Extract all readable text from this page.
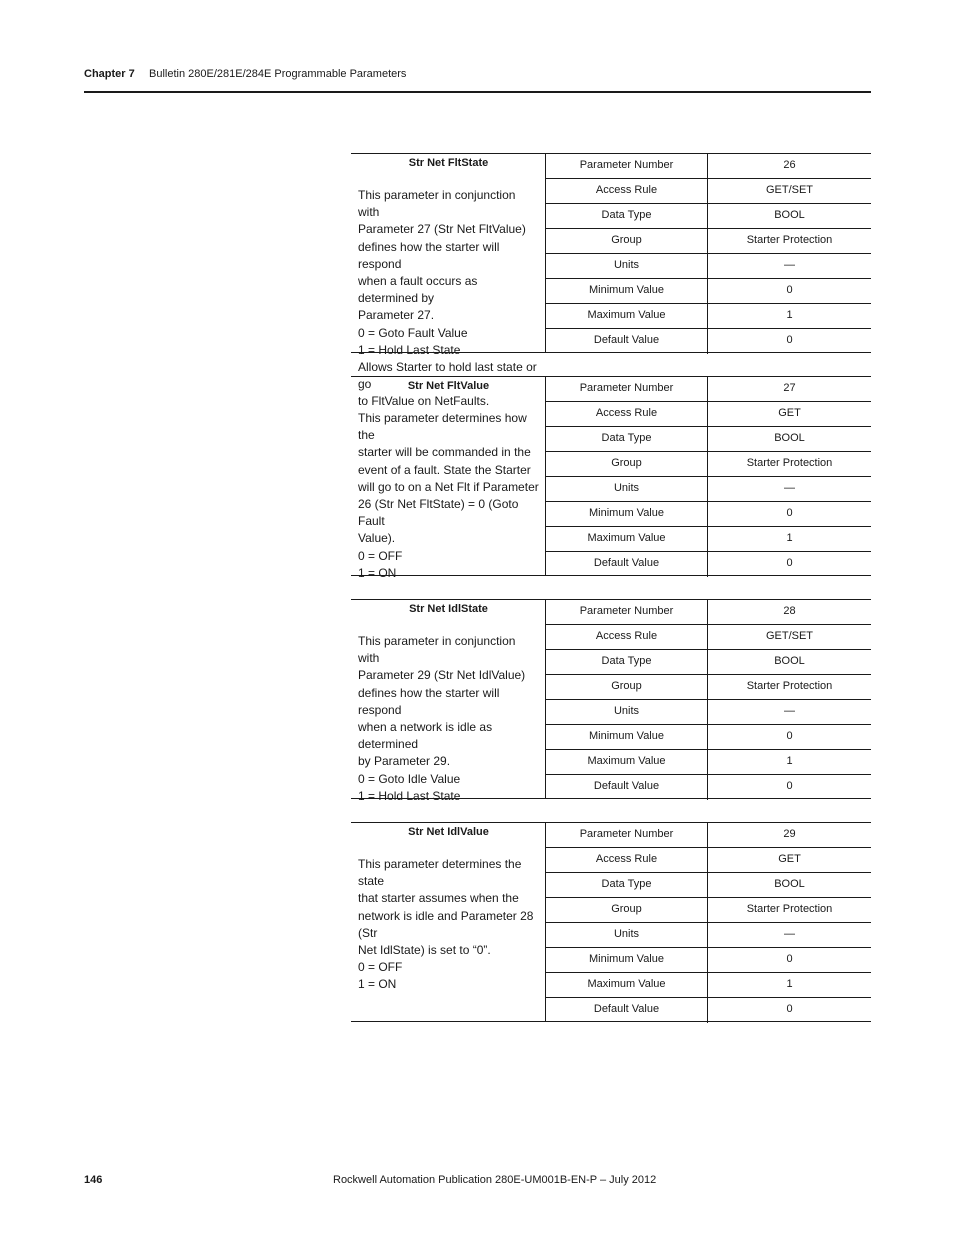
Chapter 7 Bulletin 280E/281E/284E Programmable Parameters
Str Net FltState
This parameter in conjunction with
Parameter 27 (Str Net FltValue)
defines how the starter will respond
when a fault occurs as determined by
Parameter 27.
0 = Goto Fault Value
1 = Hold Last State
Allows Starter to hold last state or go
to FltValue on NetFaults.
Parameter Number	26
Access Rule	GET/SET
Data Type	BOOL
Group	Starter Protection
Units	—
Minimum Value	0
Maximum Value	1
Default Value	0
Str Net FltValue
This parameter determines how the
starter will be commanded in the
event of a fault. State the Starter
will go to on a Net Flt if Parameter
26 (Str Net FltState) = 0 (Goto Fault
Value).
0 = OFF
1 = ON
Parameter Number	27
Access Rule	GET
Data Type	BOOL
Group	Starter Protection
Units	—
Minimum Value	0
Maximum Value	1
Default Value	0
Str Net IdlState
This parameter in conjunction with
Parameter 29 (Str Net IdlValue)
defines how the starter will respond
when a network is idle as determined
by Parameter 29.
0 = Goto Idle Value
1 = Hold Last State
Parameter Number	28
Access Rule	GET/SET
Data Type	BOOL
Group	Starter Protection
Units	—
Minimum Value	0
Maximum Value	1
Default Value	0
Str Net IdlValue
This parameter determines the state
that starter assumes when the
network is idle and Parameter 28 (Str
Net IdlState) is set to “0”.
0 = OFF
1 = ON
Parameter Number	29
Access Rule	GET
Data Type	BOOL
Group	Starter Protection
Units	—
Minimum Value	0
Maximum Value	1
Default Value	0
146	Rockwell Automation Publication 280E-UM001B-EN-P – July 2012
